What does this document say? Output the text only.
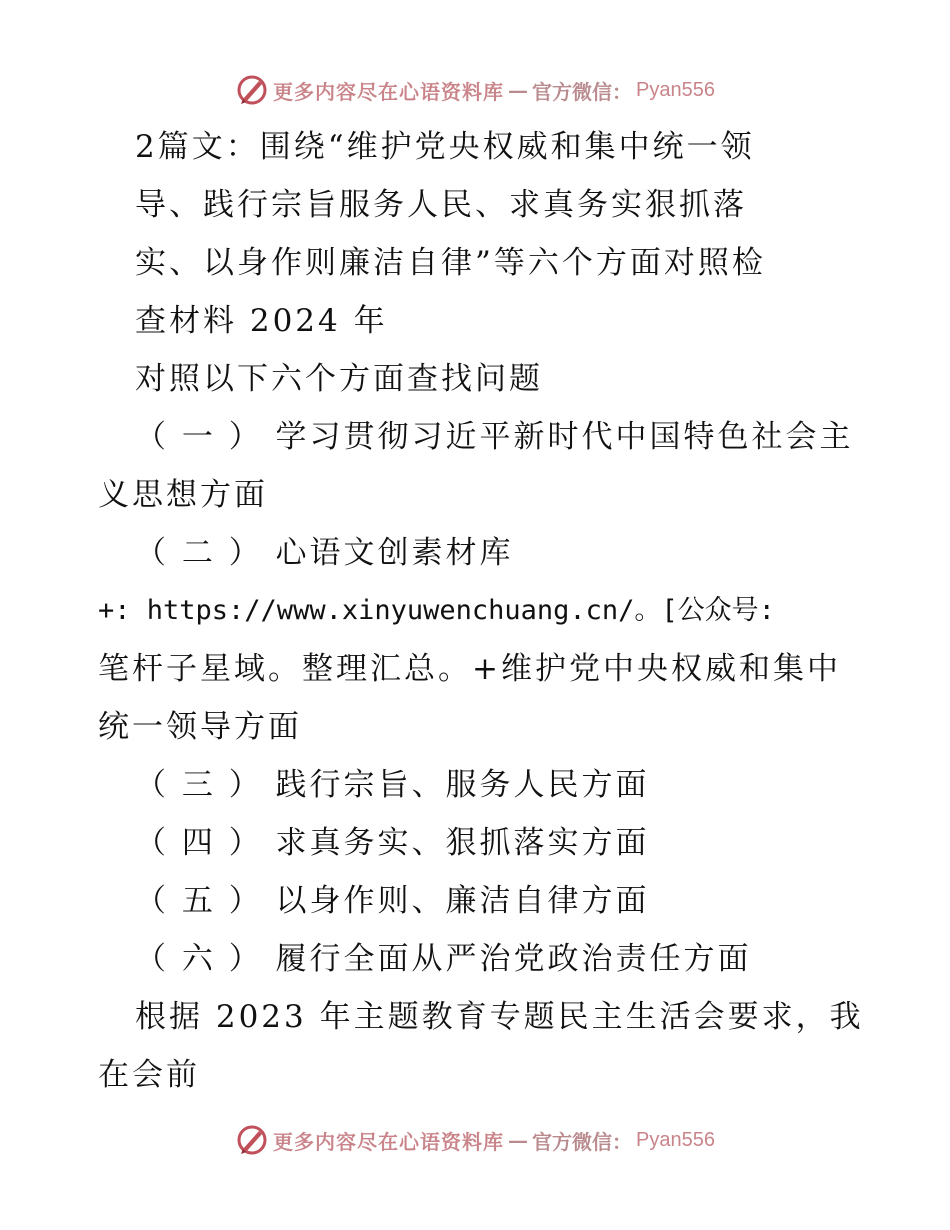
更多内容尽在心语资料库 — 官方微信： Pyan556
2篇文：围绕“维护党央权威和集中统一领
导、践行宗旨服务人民、求真务实狠抓落
实、以身作则廉洁自律”等六个方面对照检
查材料 2024 年
对照以下六个方面查找问题
（ 一 ） 学习贯彻习近平新时代中国特色社会主
义思想方面
（ 二 ） 心语文创素材库
+: https://www.xinyuwenchuang.cn/。[公众号:
笔杆子星域。整理汇总。+维护党中央权威和集中
统一领导方面
（ 三 ） 践行宗旨、服务人民方面
（ 四 ） 求真务实、狠抓落实方面
（ 五 ） 以身作则、廉洁自律方面
（ 六 ） 履行全面从严治党政治责任方面
根据 2023 年主题教育专题民主生活会要求，我
在会前
更多内容尽在心语资料库 — 官方微信： Pyan556
